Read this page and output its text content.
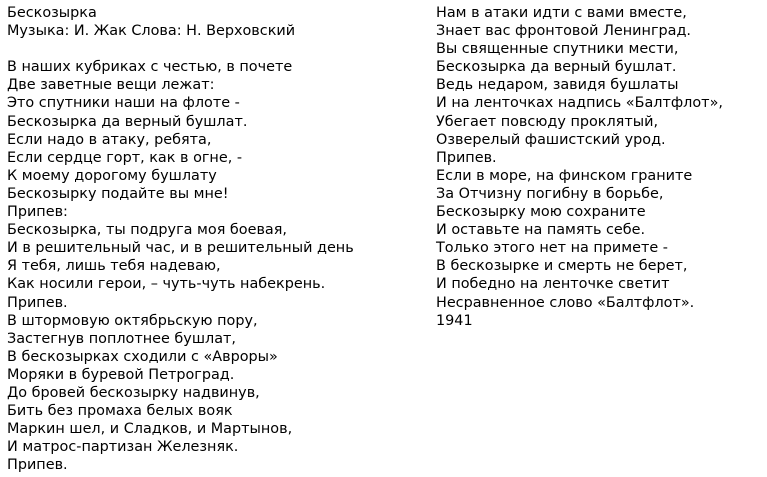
Бескозырка
Музыка: И. Жак Слова: Н. Верховский
В наших кубриках с честью, в почете
Две заветные вещи лежат:
Это спутники наши на флоте -
Бескозырка да верный бушлат.
Если надо в атаку, ребята,
Если сердце горт, как в огне, -
К моему дорогому бушлату
Бескозырку подайте вы мне!
Припев:
Бескозырка, ты подруга моя боевая,
И в решительный час, и в решительный день
Я тебя, лишь тебя надеваю,
Как носили герои, – чуть-чуть набекрень.
Припев.
В штормовую октябрьскую пору,
Застегнув поплотнее бушлат,
В бескозырках сходили с «Авроры»
Моряки в буревой Петроград.
До бровей бескозырку надвинув,
Бить без промаха белых вояк
Маркин шел, и Сладков, и Мартынов,
И матрос-партизан Железняк.
Припев.
Нам в атаки идти с вами вместе,
Знает вас фронтовой Ленинград.
Вы священные спутники мести,
Бескозырка да верный бушлат.
Ведь недаром, завидя бушлаты
И на ленточках надпись «Балтфлот»,
Убегает повсюду проклятый,
Озверелый фашистский урод.
Припев.
Если в море, на финском граните
За Отчизну погибну в борьбе,
Бескозырку мою сохраните
И оставьте на память себе.
Только этого нет на примете -
В бескозырке и смерть не берет,
И победно на ленточке светит
Несравненное слово «Балтфлот».
1941
